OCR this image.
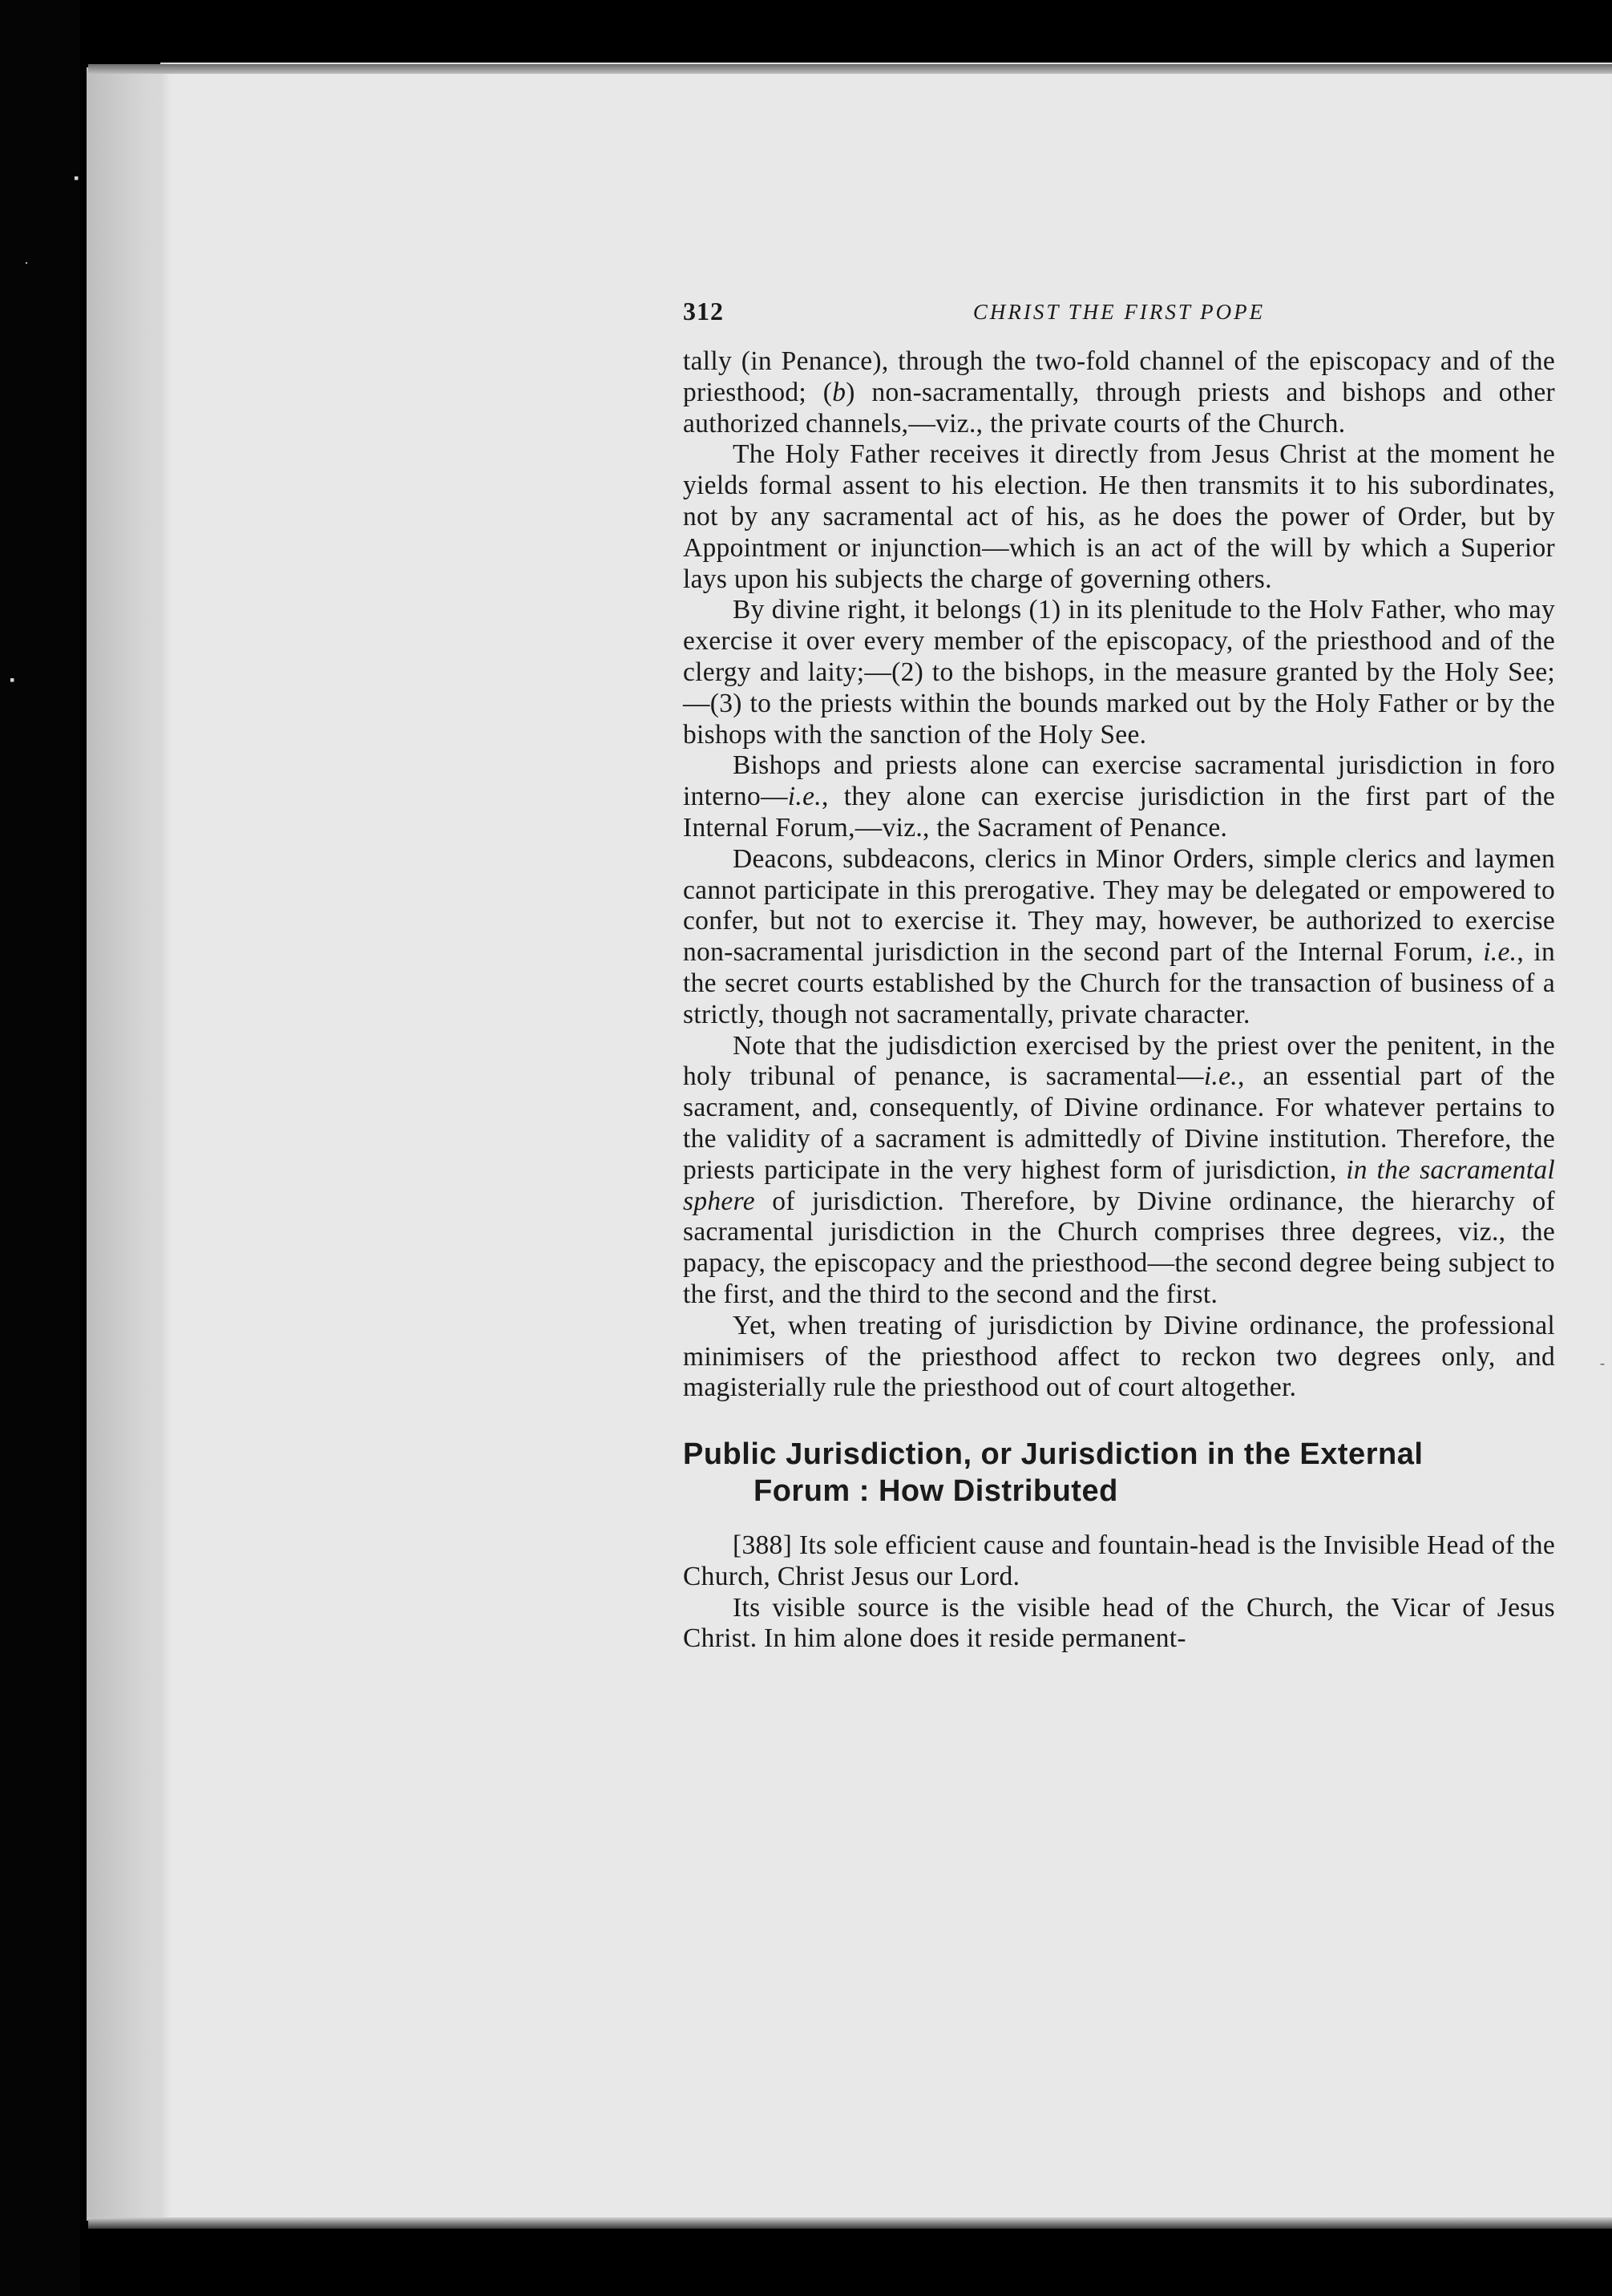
▪
·
▪
-
312	CHRIST THE FIRST POPE

tally (in Penance), through the two-fold channel of the episcopacy and of the priesthood; (b) non-sacramentally, through priests and bishops and other authorized channels,—viz., the private courts of the Church.

The Holy Father receives it directly from Jesus Christ at the moment he yields formal assent to his election. He then transmits it to his subordinates, not by any sacramental act of his, as he does the power of Order, but by Appointment or injunction—which is an act of the will by which a Superior lays upon his subjects the charge of governing others.

By divine right, it belongs (1) in its plenitude to the Holv Father, who may exercise it over every member of the episcopacy, of the priesthood and of the clergy and laity;—(2) to the bishops, in the measure granted by the Holy See;—(3) to the priests within the bounds marked out by the Holy Father or by the bishops with the sanction of the Holy See.

Bishops and priests alone can exercise sacramental jurisdiction in foro interno—i.e., they alone can exercise jurisdiction in the first part of the Internal Forum,—viz., the Sacrament of Penance.

Deacons, subdeacons, clerics in Minor Orders, simple clerics and laymen cannot participate in this prerogative. They may be delegated or empowered to confer, but not to exercise it. They may, however, be authorized to exercise non-sacramental jurisdiction in the second part of the Internal Forum, i.e., in the secret courts established by the Church for the transaction of business of a strictly, though not sacramentally, private character.

Note that the judisdiction exercised by the priest over the penitent, in the holy tribunal of penance, is sacramental—i.e., an essential part of the sacrament, and, consequently, of Divine ordinance. For whatever pertains to the validity of a sacrament is admittedly of Divine institution. Therefore, the priests participate in the very highest form of jurisdiction, in the sacramental sphere of jurisdiction. Therefore, by Divine ordinance, the hierarchy of sacramental jurisdiction in the Church comprises three degrees, viz., the papacy, the episcopacy and the priesthood—the second degree being subject to the first, and the third to the second and the first.

Yet, when treating of jurisdiction by Divine ordinance, the professional minimisers of the priesthood affect to reckon two degrees only, and magisterially rule the priesthood out of court altogether.

Public Jurisdiction, or Jurisdiction in the External
Forum : How Distributed

[388] Its sole efficient cause and fountain-head is the Invisible Head of the Church, Christ Jesus our Lord.

Its visible source is the visible head of the Church, the Vicar of Jesus Christ. In him alone does it reside permanent-
